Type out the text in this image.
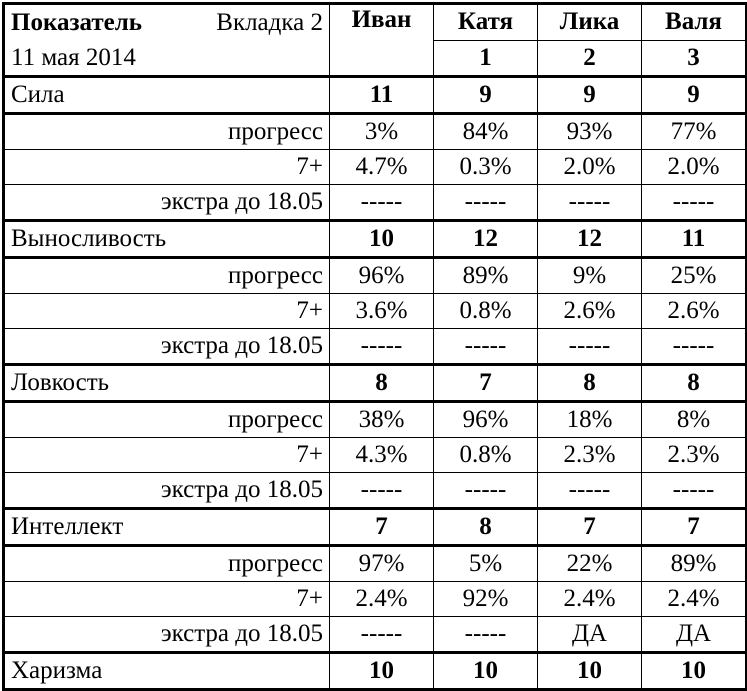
Показатель Вкладка 2
11 мая 2014	Иван	Катя	Лика	Валя
		1	2	3
Сила	11	9	9	9
прогресс	3%	84%	93%	77%
7+	4.7%	0.3%	2.0%	2.0%
экстра до 18.05	-----	-----	-----	-----
Выносливость	10	12	12	11
прогресс	96%	89%	9%	25%
7+	3.6%	0.8%	2.6%	2.6%
экстра до 18.05	-----	-----	-----	-----
Ловкость	8	7	8	8
прогресс	38%	96%	18%	8%
7+	4.3%	0.8%	2.3%	2.3%
экстра до 18.05	-----	-----	-----	-----
Интеллект	7	8	7	7
прогресс	97%	5%	22%	89%
7+	2.4%	92%	2.4%	2.4%
экстра до 18.05	-----	-----	ДА	ДА
Харизма	10	10	10	10
